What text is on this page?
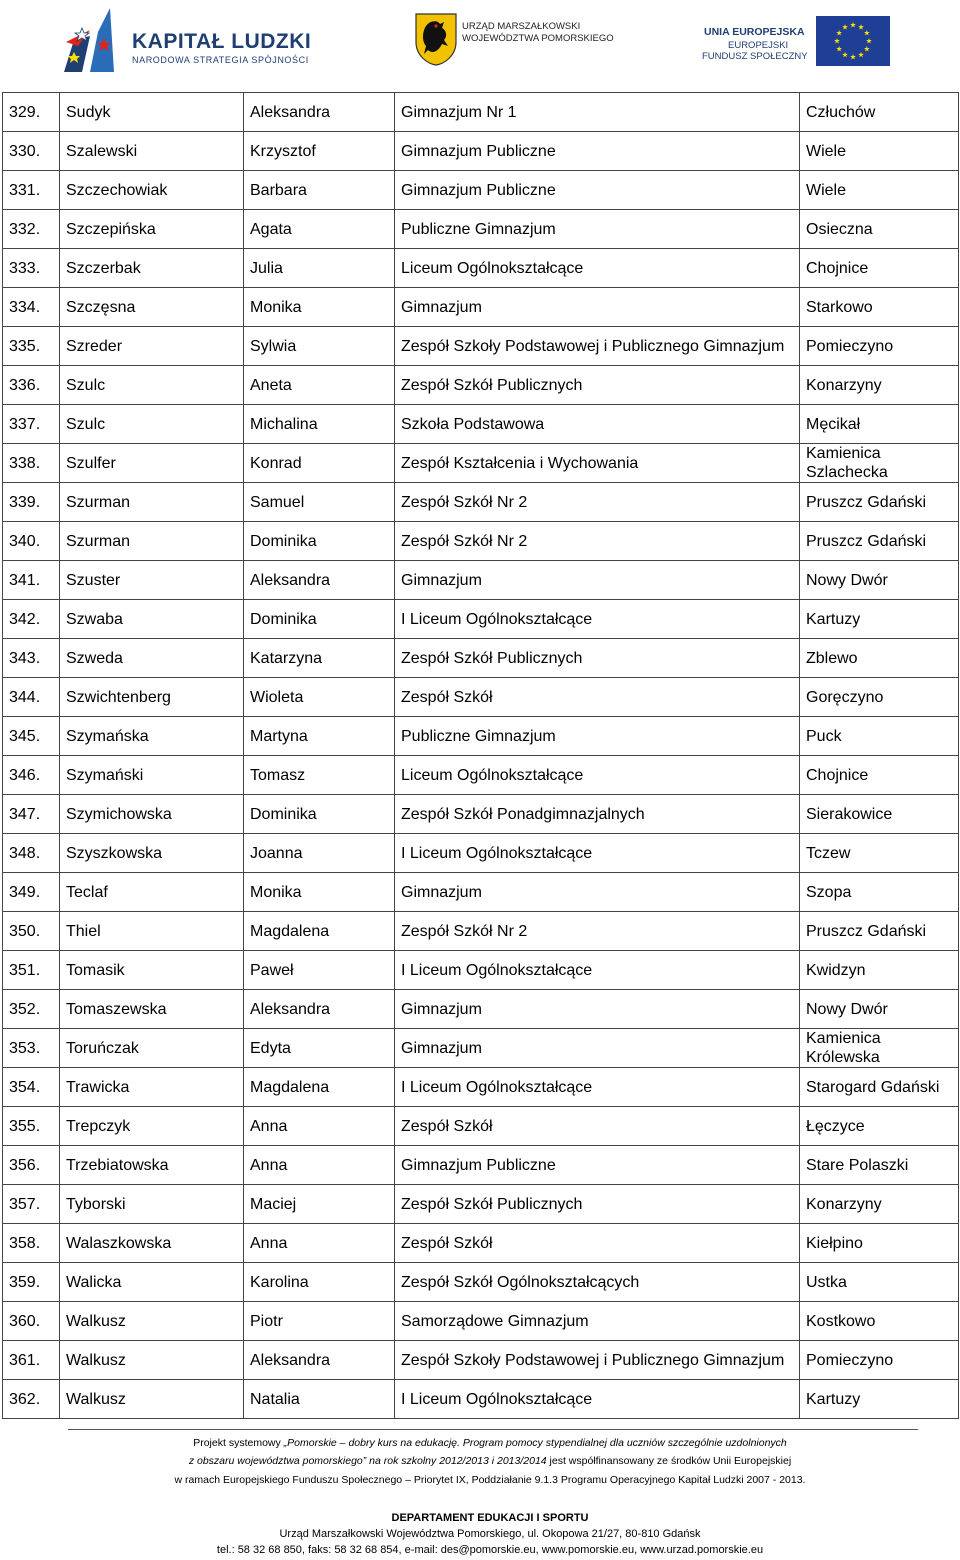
KAPITAŁ LUDZKI
NARODOWA STRATEGIA SPÓJNOŚCI
URZĄD MARSZAŁKOWSKI
WOJEWÓDZTWA POMORSKIEGO
UNIA EUROPEJSKA
EUROPEJSKI
FUNDUSZ SPOŁECZNY
329.	Sudyk	Aleksandra	Gimnazjum Nr 1	Człuchów
330.	Szalewski	Krzysztof	Gimnazjum Publiczne	Wiele
331.	Szczechowiak	Barbara	Gimnazjum Publiczne	Wiele
332.	Szczepińska	Agata	Publiczne Gimnazjum	Osieczna
333.	Szczerbak	Julia	Liceum Ogólnokształcące	Chojnice
334.	Szczęsna	Monika	Gimnazjum	Starkowo
335.	Szreder	Sylwia	Zespół Szkoły Podstawowej i Publicznego Gimnazjum	Pomieczyno
336.	Szulc	Aneta	Zespół Szkół Publicznych	Konarzyny
337.	Szulc	Michalina	Szkoła Podstawowa	Męcikał
338.	Szulfer	Konrad	Zespół Kształcenia i Wychowania	Kamienica Szlachecka
339.	Szurman	Samuel	Zespół Szkół Nr 2	Pruszcz Gdański
340.	Szurman	Dominika	Zespół Szkół Nr 2	Pruszcz Gdański
341.	Szuster	Aleksandra	Gimnazjum	Nowy Dwór
342.	Szwaba	Dominika	I Liceum Ogólnokształcące	Kartuzy
343.	Szweda	Katarzyna	Zespół Szkół Publicznych	Zblewo
344.	Szwichtenberg	Wioleta	Zespół Szkół	Goręczyno
345.	Szymańska	Martyna	Publiczne Gimnazjum	Puck
346.	Szymański	Tomasz	Liceum Ogólnokształcące	Chojnice
347.	Szymichowska	Dominika	Zespół Szkół Ponadgimnazjalnych	Sierakowice
348.	Szyszkowska	Joanna	I Liceum Ogólnokształcące	Tczew
349.	Teclaf	Monika	Gimnazjum	Szopa
350.	Thiel	Magdalena	Zespół Szkół Nr 2	Pruszcz Gdański
351.	Tomasik	Paweł	I Liceum Ogólnokształcące	Kwidzyn
352.	Tomaszewska	Aleksandra	Gimnazjum	Nowy Dwór
353.	Toruńczak	Edyta	Gimnazjum	Kamienica Królewska
354.	Trawicka	Magdalena	I Liceum Ogólnokształcące	Starogard Gdański
355.	Trepczyk	Anna	Zespół Szkół	Łęczyce
356.	Trzebiatowska	Anna	Gimnazjum Publiczne	Stare Polaszki
357.	Tyborski	Maciej	Zespół Szkół Publicznych	Konarzyny
358.	Walaszkowska	Anna	Zespół Szkół	Kiełpino
359.	Walicka	Karolina	Zespół Szkół Ogólnokształcących	Ustka
360.	Walkusz	Piotr	Samorządowe Gimnazjum	Kostkowo
361.	Walkusz	Aleksandra	Zespół Szkoły Podstawowej i Publicznego Gimnazjum	Pomieczyno
362.	Walkusz	Natalia	I Liceum Ogólnokształcące	Kartuzy
Projekt systemowy „Pomorskie – dobry kurs na edukację. Program pomocy stypendialnej dla uczniów szczególnie uzdolnionych
z obszaru województwa pomorskiego” na rok szkolny 2012/2013 i 2013/2014 jest współfinansowany ze środków Unii Europejskiej
w ramach Europejskiego Funduszu Społecznego – Priorytet IX, Poddziałanie 9.1.3 Programu Operacyjnego Kapitał Ludzki 2007 - 2013.
DEPARTAMENT EDUKACJI I SPORTU
Urząd Marszałkowski Województwa Pomorskiego, ul. Okopowa 21/27, 80-810 Gdańsk
tel.: 58 32 68 850, faks: 58 32 68 854, e-mail: des@pomorskie.eu, www.pomorskie.eu, www.urzad.pomorskie.eu
